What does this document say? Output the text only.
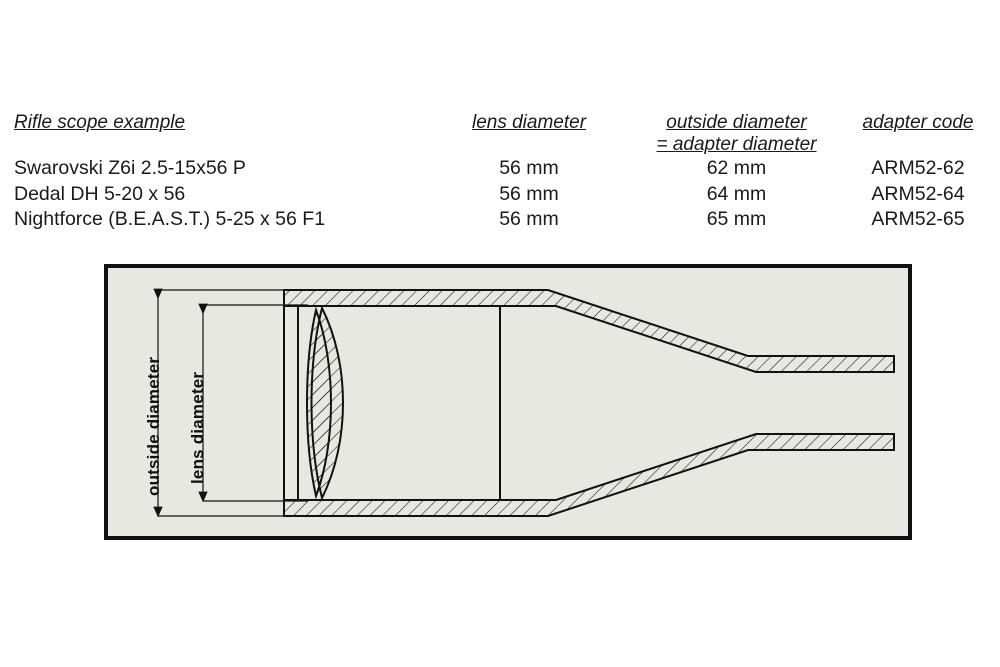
Rifle scope example	lens diameter	outside diameter	adapter code
		= adapter diameter	
Swarovski Z6i 2.5-15x56 P	56 mm	62 mm	ARM52-62
Dedal DH 5-20 x 56	56 mm	64 mm	ARM52-64
Nightforce (B.E.A.S.T.) 5-25 x 56 F1	56 mm	65 mm	ARM52-65
outside diameter lens diameter
